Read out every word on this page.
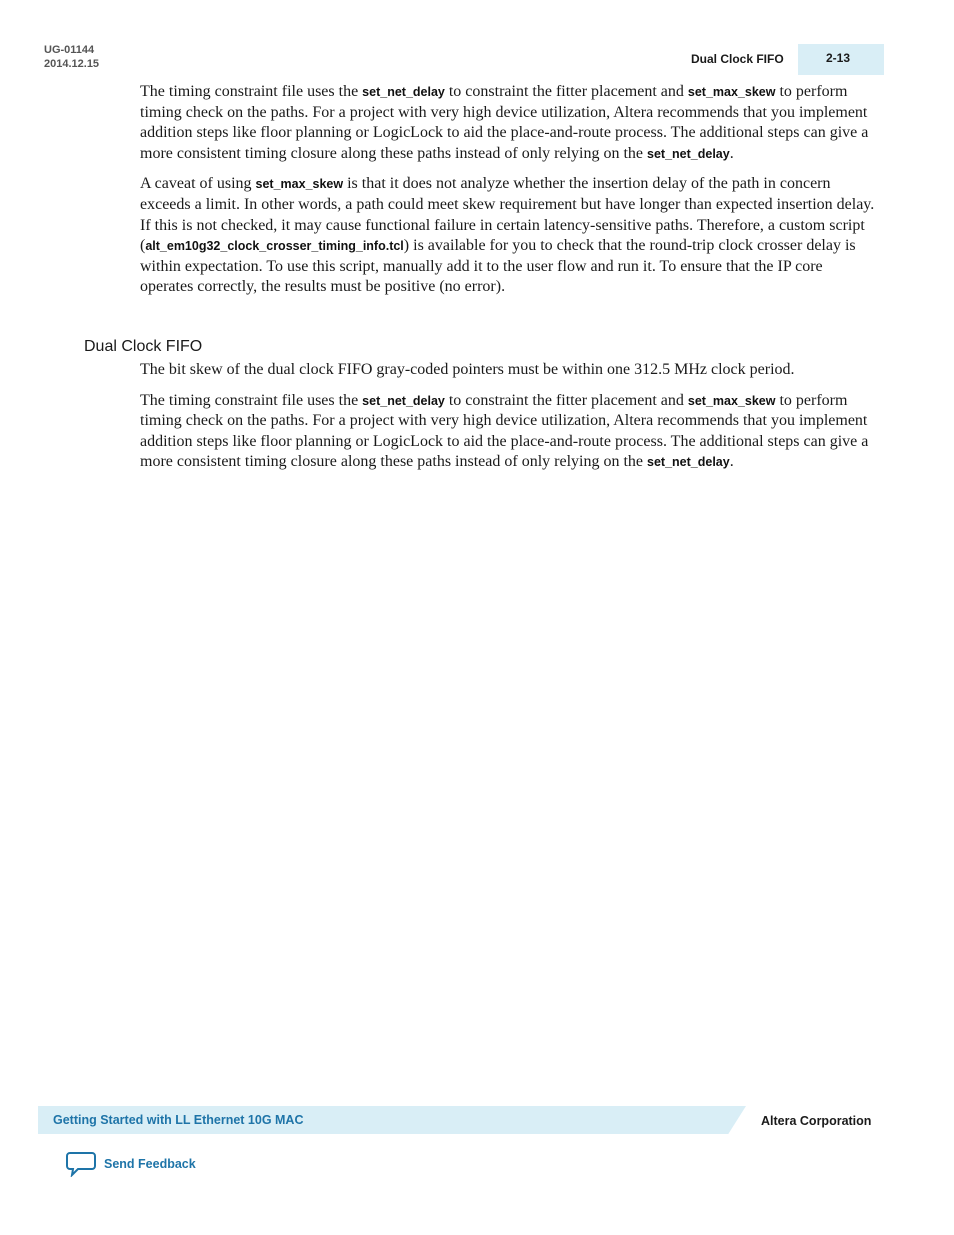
UG-01144
2014.12.15	Dual Clock FIFO	2-13

The timing constraint file uses the set_net_delay to constraint the fitter placement and set_max_skew to perform timing check on the paths. For a project with very high device utilization, Altera recommends that you implement addition steps like floor planning or LogicLock to aid the place-and-route process. The additional steps can give a more consistent timing closure along these paths instead of only relying on the set_net_delay.

A caveat of using set_max_skew is that it does not analyze whether the insertion delay of the path in concern exceeds a limit. In other words, a path could meet skew requirement but have longer than expected insertion delay. If this is not checked, it may cause functional failure in certain latency-sensitive paths. Therefore, a custom script (alt_em10g32_clock_crosser_timing_info.tcl) is available for you to check that the round-trip clock crosser delay is within expectation. To use this script, manually add it to the user flow and run it. To ensure that the IP core operates correctly, the results must be positive (no error).

Dual Clock FIFO

The bit skew of the dual clock FIFO gray-coded pointers must be within one 312.5 MHz clock period.

The timing constraint file uses the set_net_delay to constraint the fitter placement and set_max_skew to perform timing check on the paths. For a project with very high device utilization, Altera recommends that you implement addition steps like floor planning or LogicLock to aid the place-and-route process. The additional steps can give a more consistent timing closure along these paths instead of only relying on the set_net_delay.

Getting Started with LL Ethernet 10G MAC	Altera Corporation
Send Feedback
